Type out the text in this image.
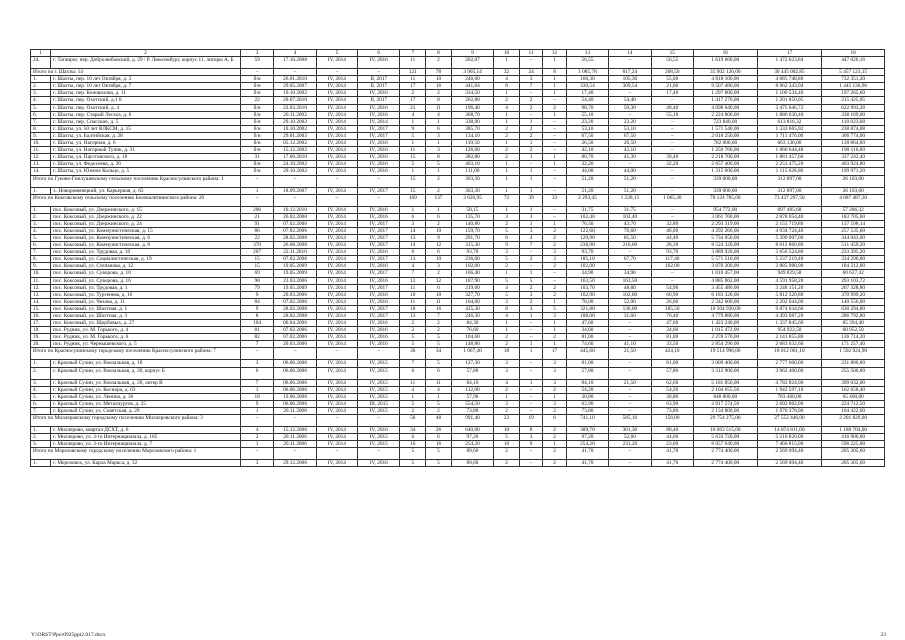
1	2	3	4	5	6	7	8	9	10	11	12	13	14	15	16	17	18
24.	г. Таганрог, пер. Добролюбовский, д. 29 / Р. Люксембург, корпус 11, литеры А, Б	59	17.10.2008	IV, 2014	IV, 2016	11	2	202,07	1	–	1	56,55	–	56,55	1 619 660,00	1 472 623,84	447 026,16
Итого по г. Шахты: 14		–	–	–	–	121	78	3 905,14	32	24	8	1 085,78	817,24	268,50	35 902 126,00	30 445 002,85	5 457 123,15
1.	г. Шахты, пер. 10 лет Октября, д. 3	б/н	26.01.2010	IV, 2014	II, 2017	11	10	246,00	4	3	1	160,30	105,30	55,00	4 818 100,00	4 085 748,80	732 351,20
2.	г. Шахты, пер. 10 лет Октября, д. 7	б/н	29.05.2007	IV, 2014	II, 2017	17	16	441,64	8	7	1	330,54	309,54	21,00	9 507 480,00	8 062 343,04	1 445 136,96
3.	г. Шахты, пер. Коновалова, д. 11	б/н	10.10.2002	IV, 2014	IV, 2016	2	2	334,50	1	–	1	17,40	–	17,40	1 297 800,00	1 100 534,40	197 265,60
4.	г. Шахты, пер. Охотский, д.1 8	22	20.07.2010	IV, 2014	II, 2017	17	8	262,80	2	2	–	54,40	54,40	–	1 417 276,00	1 201 850,05	215 425,95
5.	г. Шахты, пер. Охотский, д. 4	б/н	22.03.2010	IV, 2014	IV, 2016	21	11	196,40	4	2	2	98,70	50,30	48,40	4 098 640,00	3 475 646,72	622 993,28
6.	г. Шахты, пер. Старый Лесхоз, д. 6	б/н	20.11.2002	IV, 2014	IV, 2016	4	4	368,70	1	–	1	55,10	–	55,10	2 224 800,00	1 886 630,40	338 169,60
7.	г. Шахты, пер. Спасские, д. 5	б/н	29.10.2002	IV, 2014	IV, 2014	1	1	338,90	1	1	–	23,20	23,20	–	723 840,00	613 816,32	110 023,68
8.	г. Шахты, ул. 50 лет ВЛКСМ, д. 15	б/н	10.10.2002	IV, 2014	IV, 2017	9	6	385,70	2	2	–	53,10	53,10	–	1 571 540,00	1 332 665,92	238 874,08
9.	г. Шахты, ул. Балтийская, д. 28	б/н	29.01.2003	IV, 2014	IV, 2017	5	3	134,10	2	2	–	67,50	67,50	–	2 018 250,00	1 711 476,00	306 774,00
10.	г. Шахты, ул. Нагорная, д. 6	б/н	05.12.2002	IV, 2014	IV, 2016	1	1	110,50	1	1	–	26,50	26,50	–	782 000,00	663 136,00	118 864,00
11.	г. Шахты, ул. Нагорный Тупик, д. 31	б/н	15.12.2002	IV, 2014	IV, 2016	11	3	126,00	2	2	–	42,10	42,10	–	1 250 760,00	1 060 644,48	190 116,00
12.	г. Шахты, ул. Паустовского, д. 18	31	17.06.2010	IV, 2014	IV, 2016	15	8	382,80	2	1	1	80,70	41,30	39,40	2 218 700,00	1 881 457,60	337 242,40
13.	г. Шахты, ул. Федосеева, д. 36	б/н	24.10.2002	IV, 2014	IV, 2016	5	5	463,10	1	–	1	32,20	–	32,20	2 657 400,00	2 253 475,20	403 924,80
14.	г. Шахты, ул. Южное Кольцо, д. 5	б/н	29.10.2002	IV, 2014	IV, 2016	1	1	111,00	1	1	–	44,00	44,00	–	1 315 600,00	1 115 628,80	199 971,20
Итого по Гуково-Гнилушевскому сельскому поселению Красносулинского района: 1		–	–	–	–	15	2	363,30	1	1	–	51,20	51,20	–	339 000,00	312 897,00	26 103,00
1.	х. Новоровенецкий, ул. Карьерная, д. 65	1	18.09.2007	IV, 2014	IV, 2017	15	2	363,30	1	1	–	51,20	51,20	–	339 000,00	312 897,00	26 103,00
Итого по Коксовскому сельскому поселению Белокалитвинского района: 20		–	–	–	–	169	137	3 626,95	72	39	33	2 293,45	1 228,15	1 065,30	78 124 785,00	73 437 297,50	4 687 487,30
1.	пос. Коксовый, ул. Дзержинского, д. 15	206	10.12.2010	IV, 2014	IV, 2016	1	1	58,15	1	1	–	31,75	31,75	–	954 772,00	897 485,68	57 286,32
2.	пос. Коксовый, ул. Дзержинского, д. 22	21	26.02.2008	IV, 2014	IV, 2016	6	6	135,70	3	3	–	102,40	102,40	–	3 061 760,00	2 878 054,40	183 705,60
3.	пос. Коксовый, ул. Дзержинского, д. 24	91	07.02.2006	IV, 2014	IV, 2017	3	2	140,80	2	1	1	76,50	43,70	32,80	2 293 319,00	2 155 719,86	137 598,14
4.	пос. Коксовый, ул. Коммунистическая, д. 15	86	07.02.2006	IV, 2014	IV, 2017	14	10	159,70	5	3	2	122,60	76,60	46,00	4 292 260,00	4 034 724,40	257 535,60
5.	пос. Коксовый, ул. Коммунистическая, д. 6	22	28.02.2008	IV, 2014	IV, 2017	13	9	291,70	6	4	2	129,90	85,50	44,40	5 734 050,00	5 390 007,00	344 043,00
6.	пос. Коксовый, ул. Коммунистическая, д. 8	370	26.08.2008	IV, 2014	IV, 2017	14	12	315,30	9	7	2	238,90	210,60	28,30	8 524 320,00	8 012 860,80	511 459,20
7.	пос. Коксовый, ул. Трудовая, д. 10	207	22.11.2010	IV, 2014	IV, 2016	6	6	93,70	3	–	3	93,70	–	93,70	3 889 920,00	3 656 524,80	233 395,20
8.	пос. Коксовый, ул. Социалистическая, д. 19	15	07.02.2006	IV, 2014	IV, 2017	13	10	236,00	5	2	3	185,10	67,70	117,40	5 571 510,00	5 237 219,40	334 290,60
9.	пос. Коксовый, ул. Степанова, д. 12	15	19.05.2009	IV, 2014	IV, 2016	4	3	102,00	2	–	2	102,00	–	102,00	3 070 200,00	2 885 988,00	184 212,00
10.	пос. Коксовый, ул. Суворова, д. 10	69	19.05.2009	IV, 2014	IV, 2017	7	2	166,40	1	1	–	34,90	34,90	–	1 010 457,00	949 829,58	60 627,42
11.	пос. Коксовый, ул. Суворова, д. 16	98	23.03.2006	IV, 2014	IV, 2016	12	12	187,90	5	5	–	163,50	163,50	–	4 885 062,00	4 591 958,28	293 103,72
12.	пос. Коксовый, ул. Трудовая, д. 1	79	19.05.2009	IV, 2014	IV, 2017	11	6	219,00	4	2	2	103,70	48,80	54,90	3 455 480,00	3 248 151,20	207 328,80
13.	пос. Коксовый, ул. Тургенева, д. 16	9	20.03.2006	IV, 2014	IV, 2016	10	10	327,70	5	3	2	162,90	102,00	60,90	6 183 320,00	5 812 320,80	370 999,20
14.	пос. Коксовый, ул. Чехова, д. 11	84	07.02.2006	IV, 2014	IV, 2016	11	11	104,00	3	2	1	78,00	52,00	26,00	2 342 600,00	2 202 044,00	140 556,00
15.	пос. Коксовый, ул. Шахтная, д. 1	9	28.02.2008	IV, 2014	IV, 2017	18	16	425,30	8	3	5	321,80	136,00	185,50	10 504 930,00	9 874 634,60	630 294,80
16.	пос. Коксовый, ул. Шахтная, д. 3	8	28.02.2008	IV, 2014	IV, 2017	13	7	246,30	4	1	3	108,00	31,60	76,40	4 779 880,00	4 493 087,20	286 792,80
17.	пос. Коксовый, ул. Щорбовых, д. 27	104	06.04.2006	IV, 2014	IV, 2016	2	2	84,30	1	–	1	47,60	–	47,60	1 423 240,00	1 337 845,60	85 394,40
18.	пос. Рудник, ул. М. Горького, д. 4	81	07.02.2006	IV, 2014	IV, 2016	2	2	76,60	1	–	1	34,60	–	34,60	1 015 472,00	954 922,50	60 952,50
19.	пос. Рудник, ул. М. Горького, д. 6	82	07.02.2006	IV, 2014	IV, 2016	5	5	104,60	2	–	2	81,00	–	81,00	2 278 570,00	2 141 855,80	136 714,20
20.	пос. Рудник, ул. Чернышевского, д. 5	7	20.03.2006	IV, 2014	IV, 2016	5	5	148,80	2	1	1	74,60	41,10	33,50	2 854 290,00	2 683 032,60	171 257,40
Итого по Красносулинскому городскому поселению Красносулинского района: 7		–	–	–	–	36	34	1 067,40	18	1	17	445,60	21,50	424,10	19 514 996,00	18 012 061,10	1 502 924,90
1.	г. Красный Сулин, ул. Вокзальная, д. 18	3	06.06.2006	IV, 2014	IV, 2015	7	5	127,30	3	–	3	81,00	–	81,00	3 009 400,00	2 777 600,00	231 800,00
2.	г. Красный Сулин, ул. Вокзальная, д. 20, корпус Б	6	06.06.2006	IV, 2014	IV, 2015	6	6	57,80	3	–	3	57,80	–	57,80	3 312 900,00	3 062 400,00	255 500,00
3.	г. Красный Сулин, ул. Вокзальная, д. 20, литер В	7	06.06.2006	IV, 2014	IV, 2015	11	11	84,10	4	1	3	84,10	21,50	62,60	5 181 856,00	4 782 824,00	399 032,00
4.	г. Красный Сулин, ул. Косиора, д. 63	1	06.06.2006	IV, 2014	IV, 2015	4	4	112,00	2	–	2	54,20	–	54,20	2 104 655,50	1 942 597,10	162 058,40
5.	г. Красный Сулин, ул. Ленина, д. 36	18	19.06.2006	IV, 2014	IV, 2015	1	1	57,90	1	–	1	30,80	–	30,80	848 800,00	783 400,00	65 400,00
6.	г. Красный Сулин, ул. Металлургов, д. 25	9	06.06.2006	IV, 2014	III, 2015	5	5	554,50	3	–	3	63,90	–	63,90	2 917 574,50	2 692 862,00	224 712,50
7.	г. Красный Сулин, ул. Советская, д. 29	1	20.11.2008	IV, 2014	IV, 2015	2	2	73,80	2	–	2	73,80	–	73,80	2 134 800,00	1 970 378,00	164 422,00
Итого по Миллеровскому городскому поселению Миллеровского района: 3		–	–	–	–	56	48	991,40	23	19	6	741,10	585,10	156,00	29 754 275,00	27 552 446,00	2 201 829,00
1.	г. Миллерово, квартал ДСХТ, д. 6	4	15.12.2006	IV, 2014	IV, 2016	34	26	640,00	10	8	2	389,70	301,30	88,40	16 063 515,00	14 874 811,00	1 188 704,00
2.	г. Миллерово, ул. 3-го Интернационала, д. 105	2	20.11.2006	IV, 2014	IV, 2015	6	6	97,20	5	3	2	97,20	52,60	44,60	5 633 720,00	5 216 820,00	416 900,00
3.	г. Миллерово, ул. 3-го Интернационала, д. 7	1	20.11.2006	IV, 2014	IV, 2015	16	16	254,20	10	9	1	254,20	231,20	23,00	8 057 040,00	7 460 815,00	596 225,00
Итого по Морозовскому городскому поселению Морозовского района: 1		–	–	–	–	5	5	89,60	2	–	2	41,70	–	41,70	2 774 400,00	2 569 094,40	205 305,60
1.	г. Морозовск, ул. Карла Маркса, д. 32	3	29.12.2006	IV, 2014	IV, 2016	5	5	89,60	2	–	2	41,70	–	41,70	2 774 400,00	2 569 094,40	205 305,60
Y:\ORST\Ppo\0925ppt2.017.docx	23
